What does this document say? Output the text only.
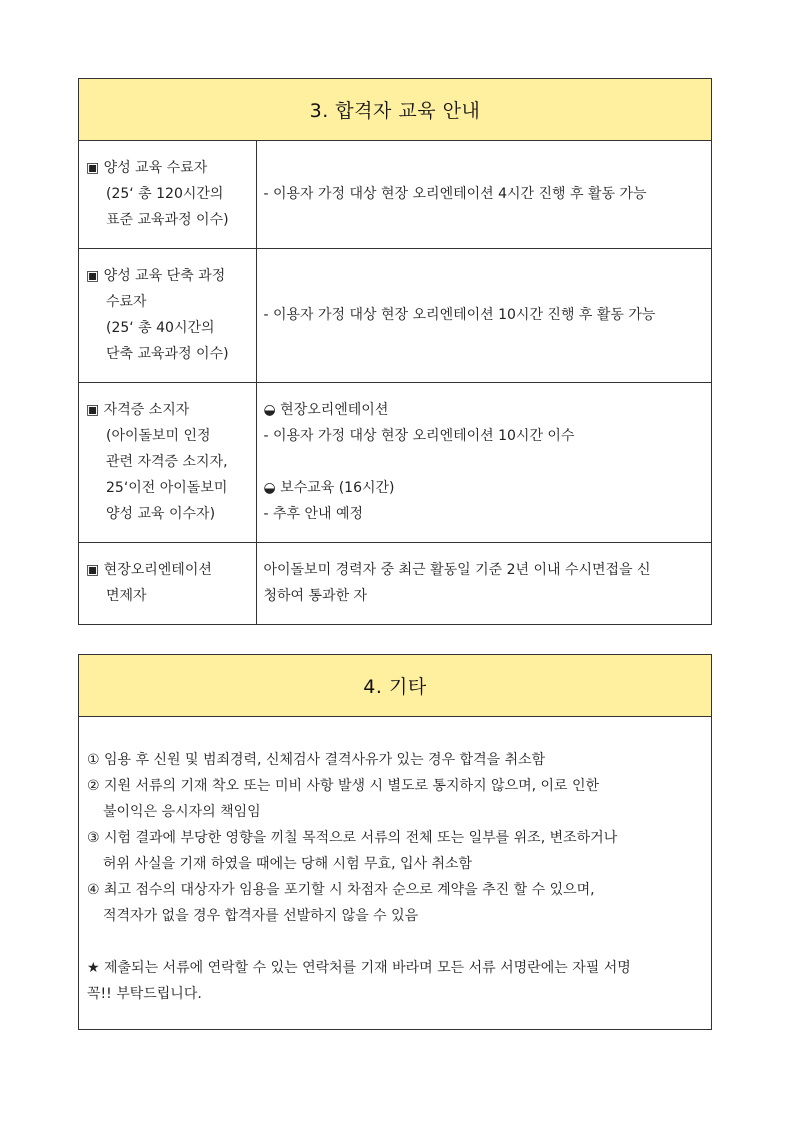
3. 합격자 교육 안내
▣ 양성 교육 수료자
(25‘ 총 120시간의
표준 교육과정 이수)	- 이용자 가정 대상 현장 오리엔테이션 4시간 진행 후 활동 가능

▣ 양성 교육 단축 과정
수료자
(25‘ 총 40시간의
단축 교육과정 이수)	- 이용자 가정 대상 현장 오리엔테이션 10시간 진행 후 활동 가능

▣ 자격증 소지자
(아이돌보미 인정
관련 자격증 소지자,
25‘이전 아이돌보미
양성 교육 이수자)	◒ 현장오리엔테이션
- 이용자 가정 대상 현장 오리엔테이션 10시간 이수
◒ 보수교육 (16시간)
- 추후 안내 예정

▣ 현장오리엔테이션
면제자	아이돌보미 경력자 중 최근 활동일 기준 2년 이내 수시면접을 신
청하여 통과한 자
4. 기타
① 임용 후 신원 및 범죄경력, 신체검사 결격사유가 있는 경우 합격을 취소함
② 지원 서류의 기재 착오 또는 미비 사항 발생 시 별도로 통지하지 않으며, 이로 인한
불이익은 응시자의 책임임
③ 시험 결과에 부당한 영향을 끼칠 목적으로 서류의 전체 또는 일부를 위조, 변조하거나
허위 사실을 기재 하였을 때에는 당해 시험 무효, 입사 취소함
④ 최고 점수의 대상자가 임용을 포기할 시 차점자 순으로 계약을 추진 할 수 있으며,
적격자가 없을 경우 합격자를 선발하지 않을 수 있음
★ 제출되는 서류에 연락할 수 있는 연락처를 기재 바라며 모든 서류 서명란에는 자필 서명
꼭!! 부탁드립니다.
